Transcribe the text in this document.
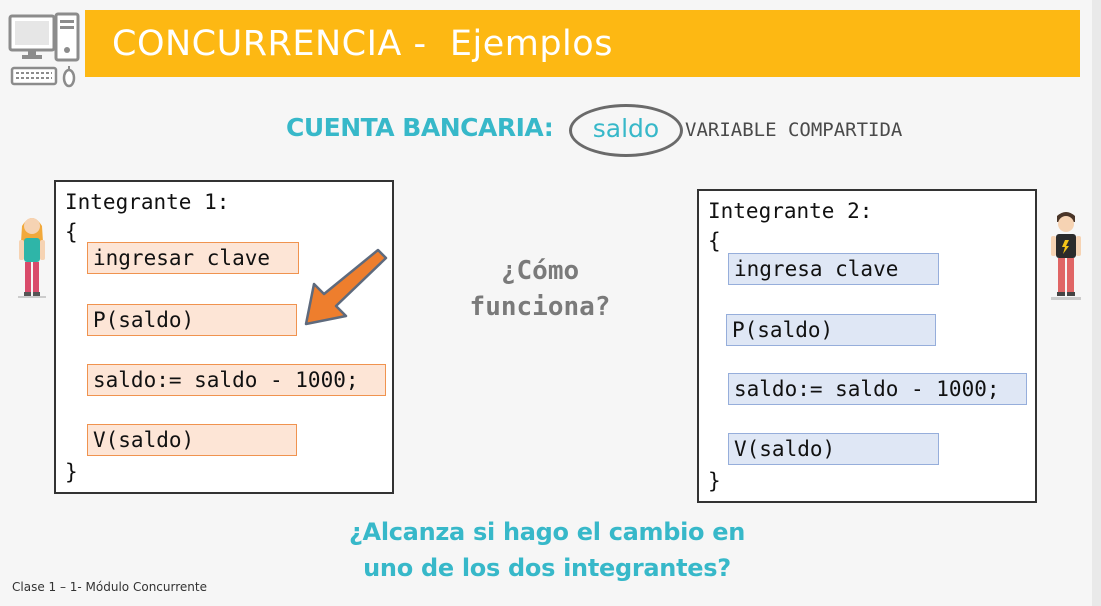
CONCURRENCIA -  Ejemplos
CUENTA BANCARIA:	saldo	VARIABLE COMPARTIDA
Integrante 1:
{
ingresar clave
P(saldo)
saldo:= saldo - 1000;
V(saldo)
}
¿Cómo
funciona?
Integrante 2:
{
ingresa clave
P(saldo)
saldo:= saldo - 1000;
V(saldo)
}
¿Alcanza si hago el cambio en
uno de los dos integrantes?
Clase 1 – 1- Módulo Concurrente
